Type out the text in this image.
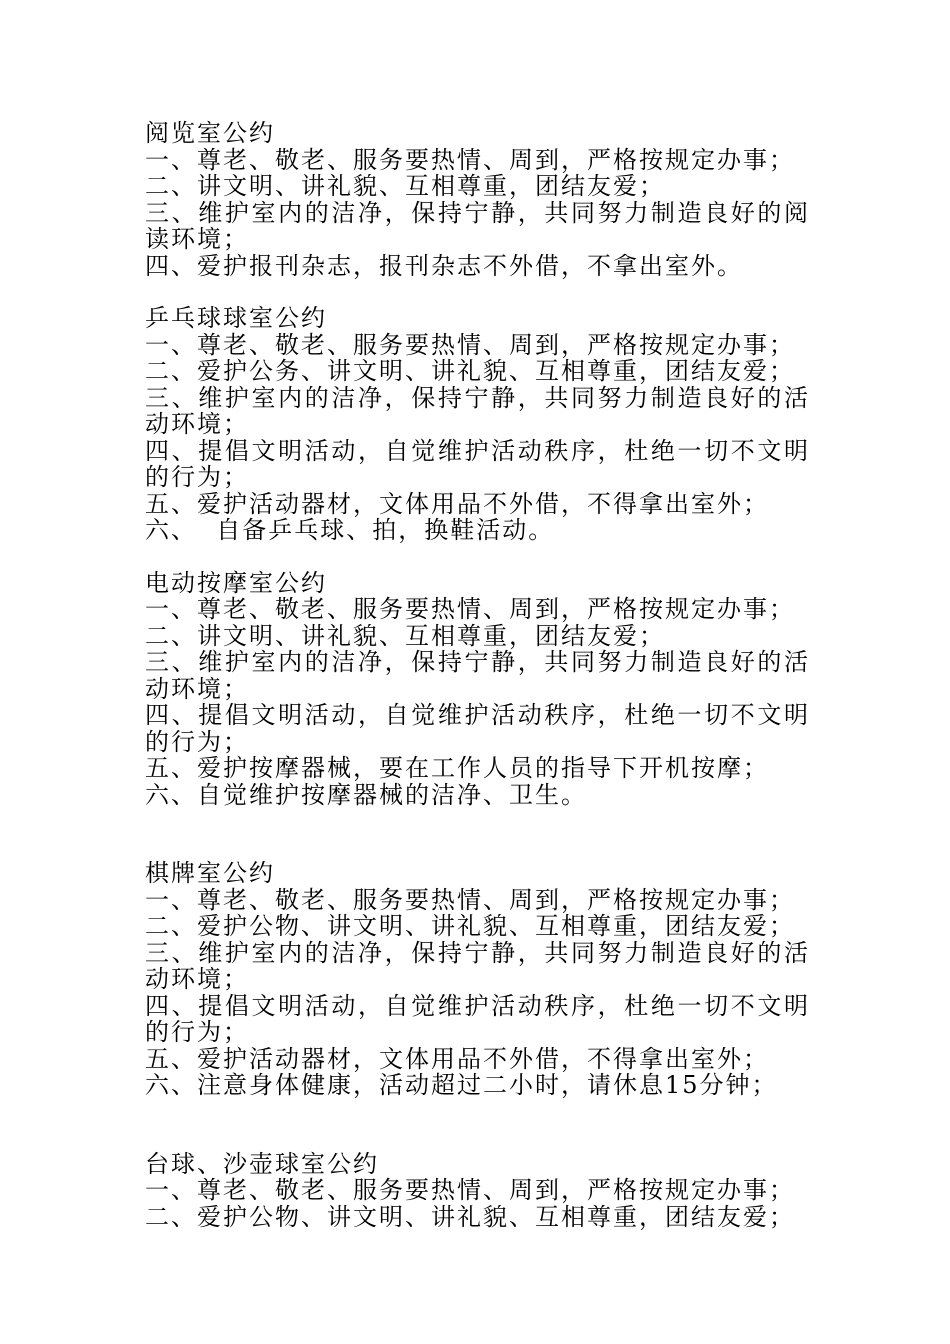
阅览室公约

一、尊老、敬老、服务要热情、周到，严格按规定办事；

二、讲文明、讲礼貌、互相尊重，团结友爱；

三、维护室内的洁净，保持宁静，共同努力制造良好的阅读环境；

四、爱护报刊杂志，报刊杂志不外借，不拿出室外。

乒乓球球室公约

一、尊老、敬老、服务要热情、周到，严格按规定办事；

二、爱护公务、讲文明、讲礼貌、互相尊重，团结友爱；

三、维护室内的洁净，保持宁静，共同努力制造良好的活动环境；

四、提倡文明活动，自觉维护活动秩序，杜绝一切不文明的行为；

五、爱护活动器材，文体用品不外借，不得拿出室外；

六、  自备乒乓球、拍，换鞋活动。

电动按摩室公约

一、尊老、敬老、服务要热情、周到，严格按规定办事；

二、讲文明、讲礼貌、互相尊重，团结友爱；

三、维护室内的洁净，保持宁静，共同努力制造良好的活动环境；

四、提倡文明活动，自觉维护活动秩序，杜绝一切不文明的行为；

五、爱护按摩器械，要在工作人员的指导下开机按摩；

六、自觉维护按摩器械的洁净、卫生。

棋牌室公约

一、尊老、敬老、服务要热情、周到，严格按规定办事；

二、爱护公物、讲文明、讲礼貌、互相尊重，团结友爱；

三、维护室内的洁净，保持宁静，共同努力制造良好的活动环境；

四、提倡文明活动，自觉维护活动秩序，杜绝一切不文明的行为；

五、爱护活动器材，文体用品不外借，不得拿出室外；

六、注意身体健康，活动超过二小时，请休息15分钟；

台球、沙壶球室公约

一、尊老、敬老、服务要热情、周到，严格按规定办事；

二、爱护公物、讲文明、讲礼貌、互相尊重，团结友爱；
